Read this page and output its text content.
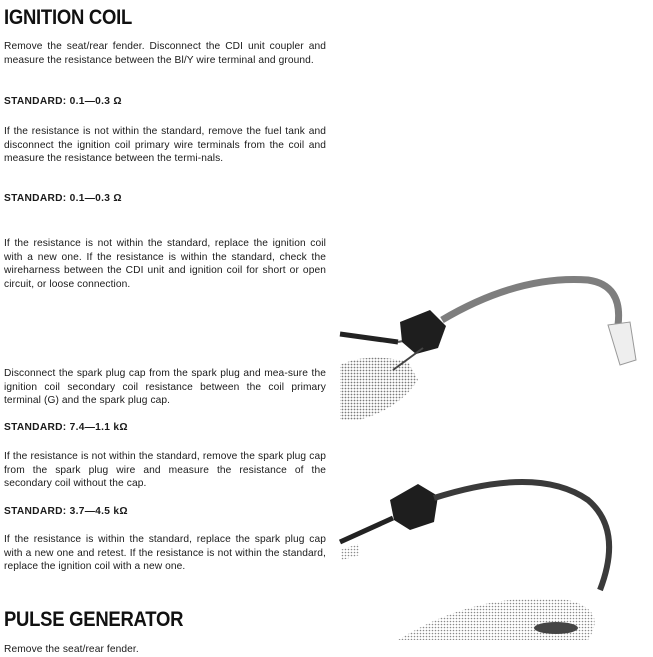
IGNITION COIL

Remove the seat/rear fender. Disconnect the CDI unit coupler and measure the resistance between the Bl/Y wire terminal and ground.

STANDARD: 0.1—0.3 Ω

If the resistance is not within the standard, remove the fuel tank and disconnect the ignition coil primary wire terminals from the coil and measure the resistance between the termi-nals.

STANDARD: 0.1—0.3 Ω

If the resistance is not within the standard, replace the ignition coil with a new one. If the resistance is within the standard, check the wireharness between the CDI unit and ignition coil for short or open circuit, or loose connection.

Disconnect the spark plug cap from the spark plug and mea-sure the ignition coil secondary coil resistance between the coil primary terminal (G) and the spark plug cap.

STANDARD: 7.4—1.1 kΩ

If the resistance is not within the standard, remove the spark plug cap from the spark plug wire and measure the resistance of the secondary coil without the cap.

STANDARD: 3.7—4.5 kΩ

If the resistance is within the standard, replace the spark plug cap with a new one and retest. If the resistance is not within the standard, replace the ignition coil with a new one.

PULSE GENERATOR

Remove the seat/rear fender.
